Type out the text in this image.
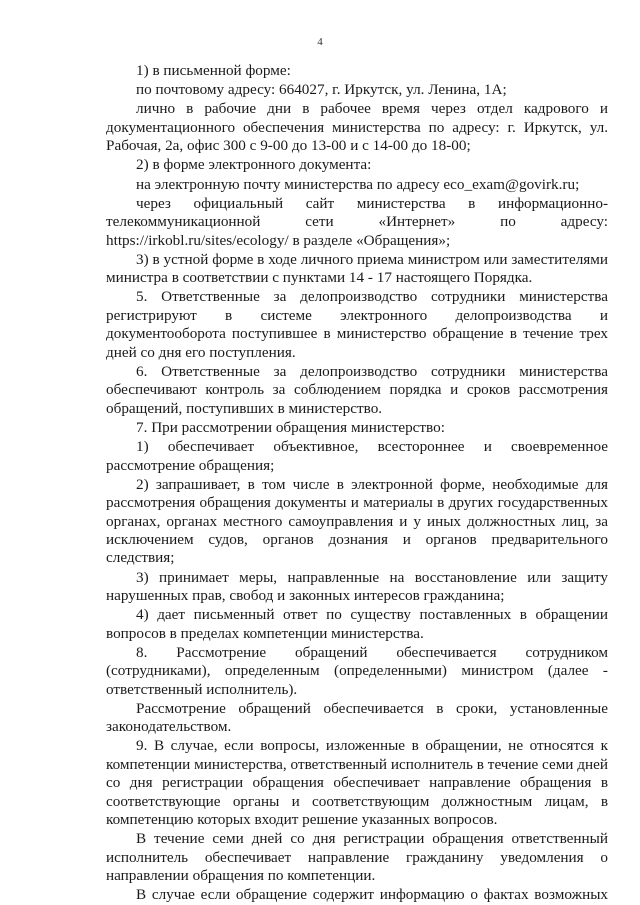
4

1) в письменной форме:

по почтовому адресу: 664027, г. Иркутск, ул. Ленина, 1А;

лично в рабочие дни в рабочее время через отдел кадрового и документационного обеспечения министерства по адресу: г. Иркутск, ул. Рабочая, 2а, офис 300 с 9-00 до 13-00 и с 14-00 до 18-00;

2) в форме электронного документа:

на электронную почту министерства по адресу eco_exam@govirk.ru;

через официальный сайт министерства в информационно-телекоммуникационной сети «Интернет» по адресу: https://irkobl.ru/sites/ecology/ в разделе «Обращения»;

3) в устной форме в ходе личного приема министром или заместителями министра в соответствии с пунктами 14 - 17 настоящего Порядка.

5. Ответственные за делопроизводство сотрудники министерства регистрируют в системе электронного делопроизводства и документооборота поступившее в министерство обращение в течение трех дней со дня его поступления.

6. Ответственные за делопроизводство сотрудники министерства обеспечивают контроль за соблюдением порядка и сроков рассмотрения обращений, поступивших в министерство.

7. При рассмотрении обращения министерство:

1) обеспечивает объективное, всестороннее и своевременное рассмотрение обращения;

2) запрашивает, в том числе в электронной форме, необходимые для рассмотрения обращения документы и материалы в других государственных органах, органах местного самоуправления и у иных должностных лиц, за исключением судов, органов дознания и органов предварительного следствия;

3) принимает меры, направленные на восстановление или защиту нарушенных прав, свобод и законных интересов гражданина;

4) дает письменный ответ по существу поставленных в обращении вопросов в пределах компетенции министерства.

8. Рассмотрение обращений обеспечивается сотрудником (сотрудниками), определенным (определенными) министром (далее - ответственный исполнитель).

Рассмотрение обращений обеспечивается в сроки, установленные законодательством.

9. В случае, если вопросы, изложенные в обращении, не относятся к компетенции министерства, ответственный исполнитель в течение семи дней со дня регистрации обращения обеспечивает направление обращения в соответствующие органы и соответствующим должностным лицам, в компетенцию которых входит решение указанных вопросов.

В течение семи дней со дня регистрации обращения ответственный исполнитель обеспечивает направление гражданину уведомления о направлении обращения по компетенции.

В случае если обращение содержит информацию о фактах возможных
